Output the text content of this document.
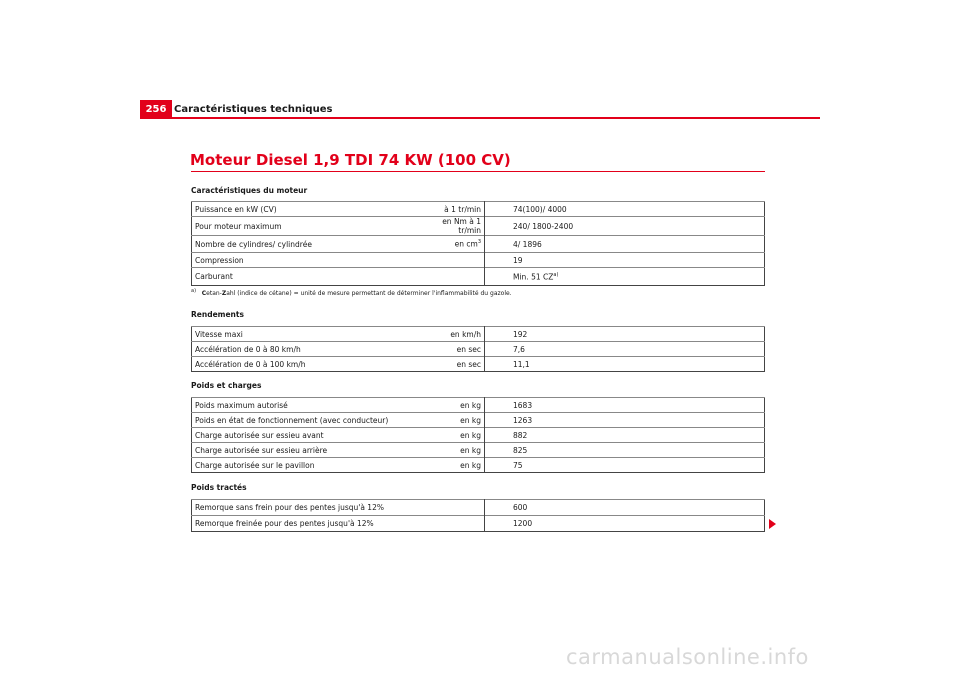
256 Caractéristiques techniques
Moteur Diesel 1,9 TDI 74 KW (100 CV)
Caractéristiques du moteur
Puissance en kW (CV)	à 1 tr/min	74(100)/ 4000
Pour moteur maximum	en Nm à 1 tr/min	240/ 1800-2400
Nombre de cylindres/ cylindrée	en $cm^3$	4/ 1896
Compression		19
Carburant		Min. 51 CZ$^{a)}$
$^{a)}$ Cetan-Zahl (indice de cétane) = unité de mesure permettant de déterminer l'inflammabilité du gazole.
Rendements
Vitesse maxi	en km/h	192
Accélération de 0 à 80 km/h	en sec	7,6
Accélération de 0 à 100 km/h	en sec	11,1
Poids et charges
Poids maximum autorisé	en kg	1683
Poids en état de fonctionnement (avec conducteur)	en kg	1263
Charge autorisée sur essieu avant	en kg	882
Charge autorisée sur essieu arrière	en kg	825
Charge autorisée sur le pavillon	en kg	75
Poids tractés
Remorque sans frein pour des pentes jusqu'à 12%		600
Remorque freinée pour des pentes jusqu'à 12%		1200
carmanualsonline.info
